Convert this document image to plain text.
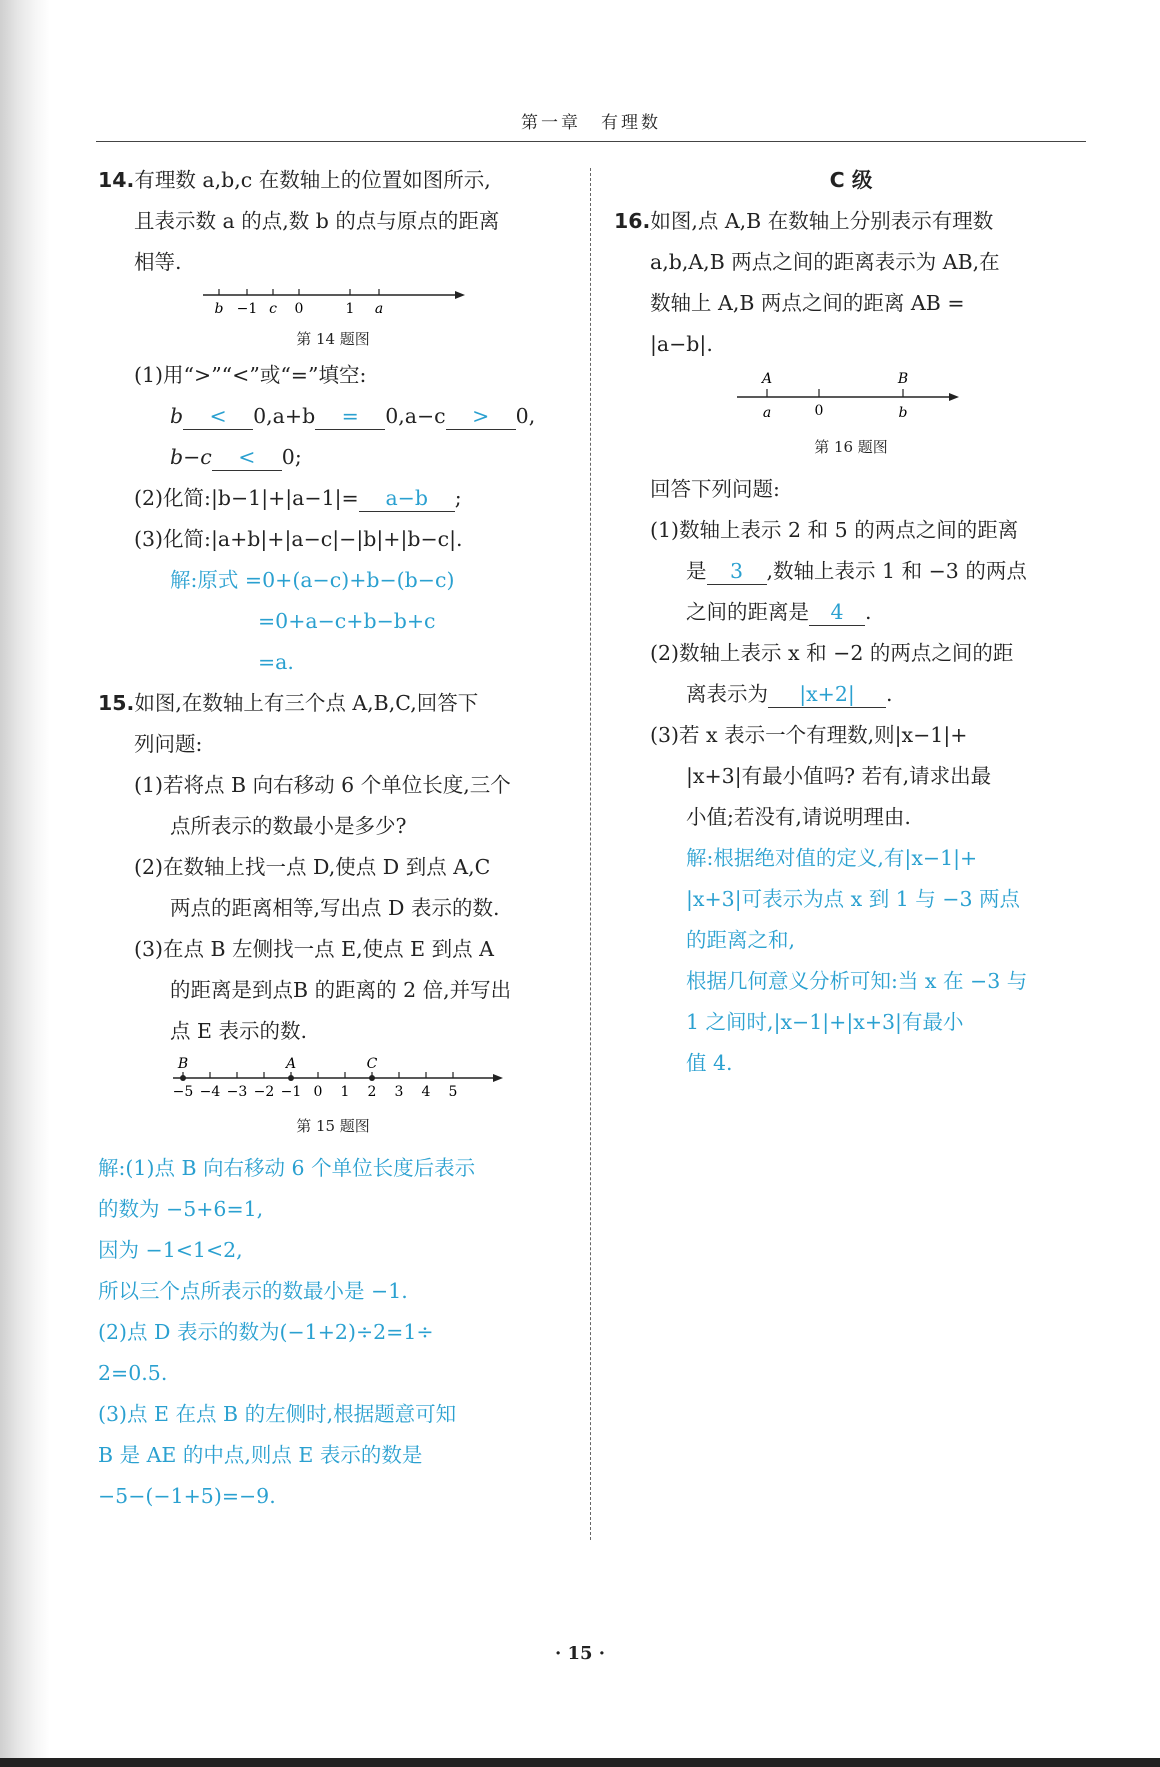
第一章　有理数
14.有理数 a,b,c 在数轴上的位置如图所示,
且表示数 a 的点,数 b 的点与原点的距离
相等.
b −1 c 0	1 a
第 14 题图
(1)用“>”“<”或“=”填空:
b < 0,a+b = 0,a−c > 0,
b−c < 0;
(2)化简:|b−1|+|a−1|= a−b ;
(3)化简:|a+b|+|a−c|−|b|+|b−c|.
解:原式 =0+(a−c)+b−(b−c)
=0+a−c+b−b+c
=a.
15.如图,在数轴上有三个点 A,B,C,回答下
列问题:
(1)若将点 B 向右移动 6 个单位长度,三个
点所表示的数最小是多少?
(2)在数轴上找一点 D,使点 D 到点 A,C
两点的距离相等,写出点 D 表示的数.
(3)在点 B 左侧找一点 E,使点 E 到点 A
的距离是到点B 的距离的 2 倍,并写出
点 E 表示的数.
−5 −4 −3 −2 −1 0 1 2 3 4 5
B	A	C
第 15 题图
解:(1)点 B 向右移动 6 个单位长度后表示
的数为 −5+6=1,
因为 −1<1<2,
所以三个点所表示的数最小是 −1.
(2)点 D 表示的数为(−1+2)÷2=1÷
2=0.5.
(3)点 E 在点 B 的左侧时,根据题意可知
B 是 AE 的中点,则点 E 表示的数是
−5−(−1+5)=−9.
C 级
16.如图,点 A,B 在数轴上分别表示有理数
a,b,A,B 两点之间的距离表示为 AB,在
数轴上 A,B 两点之间的距离 AB =
|a−b|.
A	B
a	0	b
第 16 题图
回答下列问题:
(1)数轴上表示 2 和 5 的两点之间的距离
是 3 ,数轴上表示 1 和 −3 的两点
之间的距离是 4 .
(2)数轴上表示 x 和 −2 的两点之间的距
离表示为 |x+2| .
(3)若 x 表示一个有理数,则|x−1|+
|x+3|有最小值吗? 若有,请求出最
小值;若没有,请说明理由.
解:根据绝对值的定义,有|x−1|+
|x+3|可表示为点 x 到 1 与 −3 两点
的距离之和,
根据几何意义分析可知:当 x 在 −3 与
1 之间时,|x−1|+|x+3|有最小
值 4.
· 15 ·
